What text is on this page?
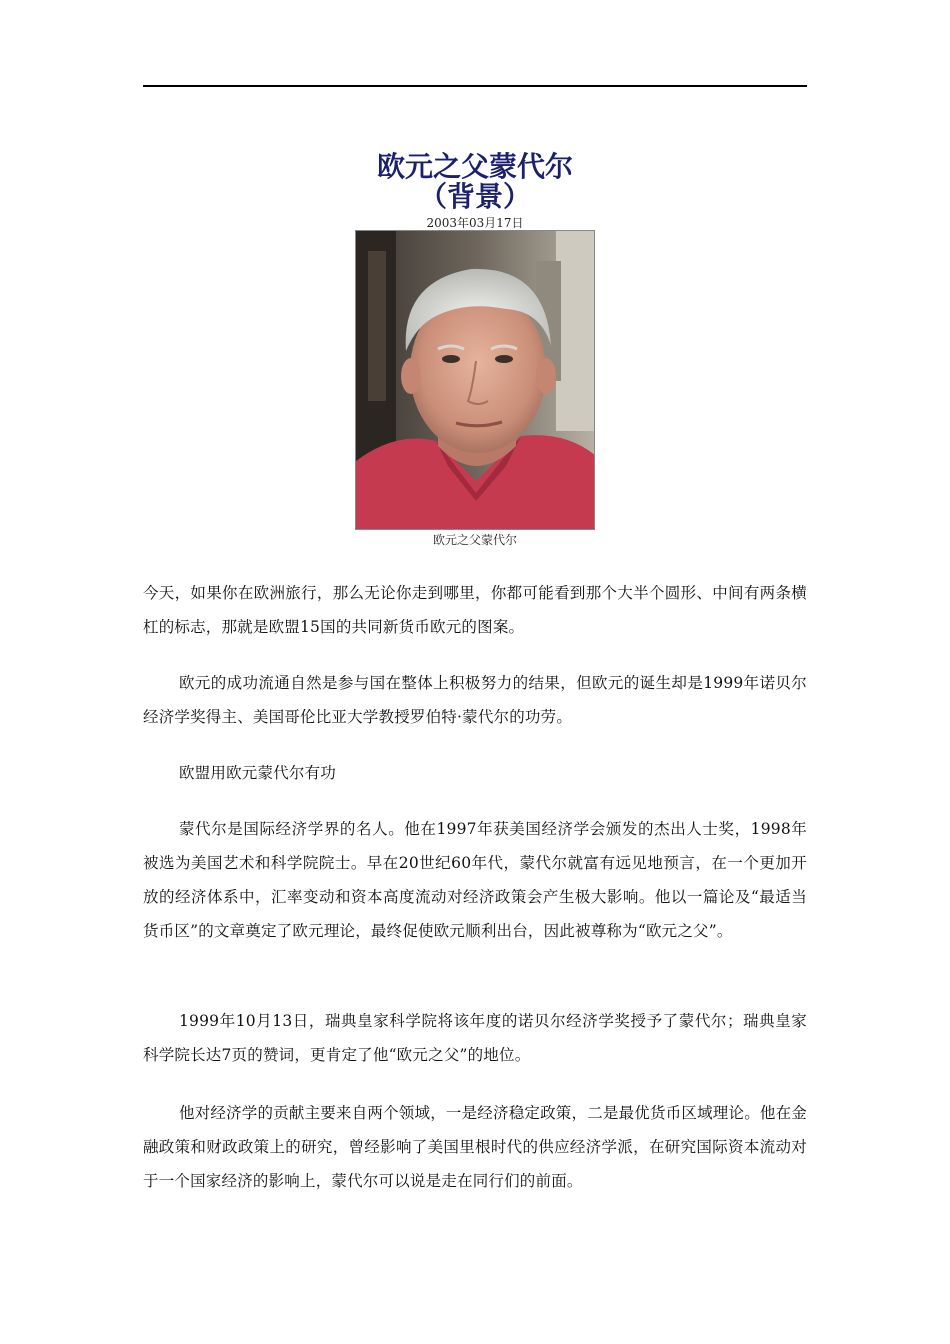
欧元之父蒙代尔
（背景）
2003年03月17日
欧元之父蒙代尔

今天，如果你在欧洲旅行，那么无论你走到哪里，你都可能看到那个大半个圆形、中间有两条横杠的标志，那就是欧盟15国的共同新货币欧元的图案。

欧元的成功流通自然是参与国在整体上积极努力的结果，但欧元的诞生却是1999年诺贝尔经济学奖得主、美国哥伦比亚大学教授罗伯特·蒙代尔的功劳。

欧盟用欧元蒙代尔有功

蒙代尔是国际经济学界的名人。他在1997年获美国经济学会颁发的杰出人士奖，1998年被选为美国艺术和科学院院士。早在20世纪60年代，蒙代尔就富有远见地预言，在一个更加开放的经济体系中，汇率变动和资本高度流动对经济政策会产生极大影响。他以一篇论及“最适当货币区”的文章奠定了欧元理论，最终促使欧元顺利出台，因此被尊称为“欧元之父”。

1999年10月13日，瑞典皇家科学院将该年度的诺贝尔经济学奖授予了蒙代尔；瑞典皇家科学院长达7页的赞词，更肯定了他“欧元之父”的地位。

他对经济学的贡献主要来自两个领域，一是经济稳定政策，二是最优货币区域理论。他在金融政策和财政政策上的研究，曾经影响了美国里根时代的供应经济学派，在研究国际资本流动对于一个国家经济的影响上，蒙代尔可以说是走在同行们的前面。
